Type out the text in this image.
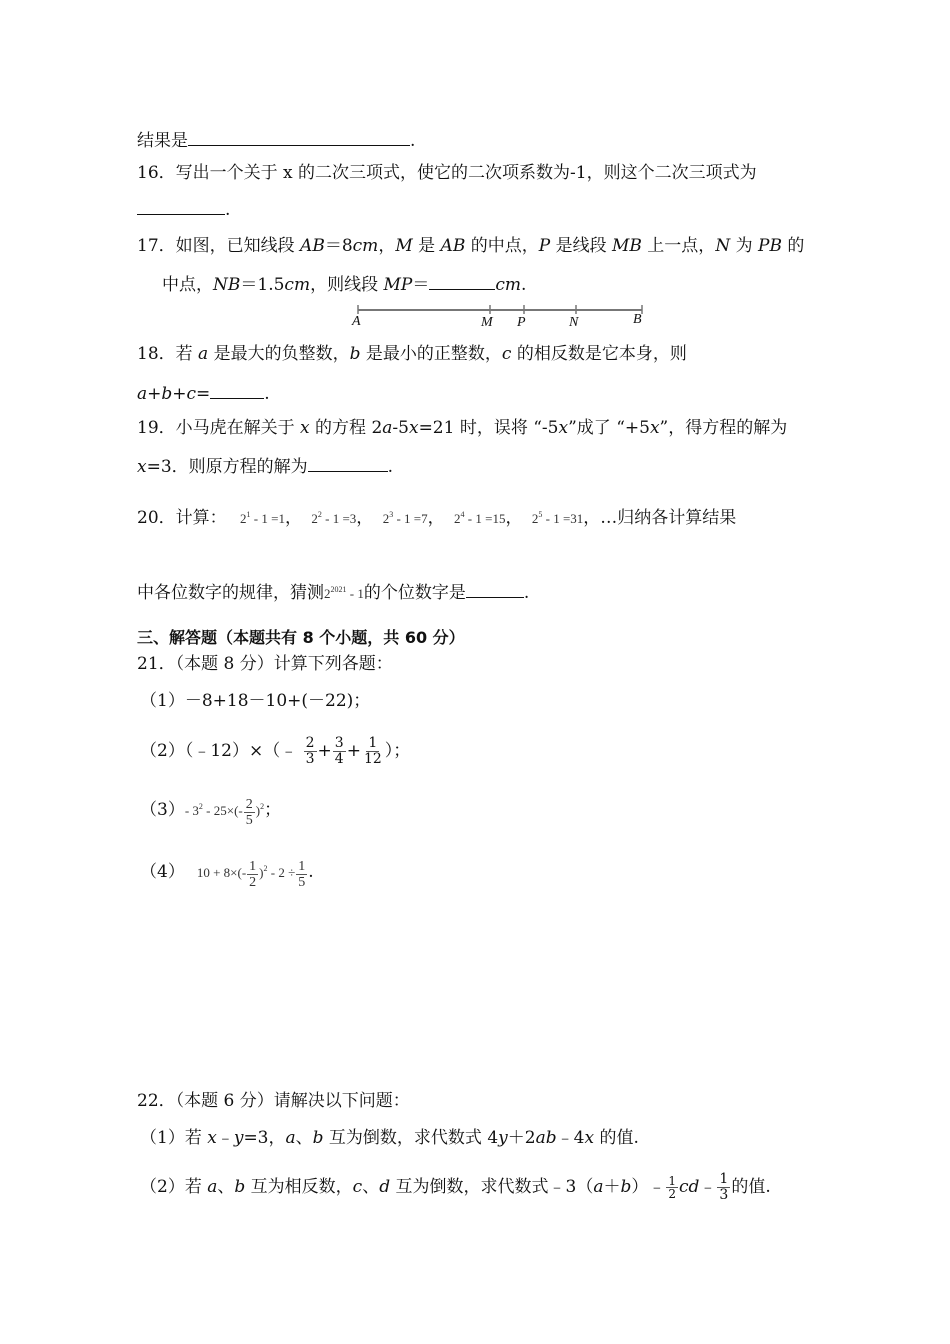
结果是	.
16．写出一个关于 x 的二次三项式，使它的二次项系数为-1，则这个二次三项式为
.
17．如图，已知线段 AB＝8cm，M 是 AB 的中点，P 是线段 MB 上一点，N 为 PB 的
中点，NB＝1.5cm，则线段 MP＝	cm.
A	M P	N	B
18．若 a 是最大的负整数，b 是最小的正整数，c 的相反数是它本身，则
a+b+c=	.
19．小马虎在解关于 x 的方程 2a-5x=21 时，误将 “-5x”成了 “+5x”，得方程的解为
x=3．则原方程的解为	.
20．计算： $2^1 - 1 =1$， $2^2 - 1 =3$， $2^3 - 1 =7$， $2^4 - 1 =15$， $2^5 - 1 =31$，…归纳各计算结果
中各位数字的规律，猜测$2^{2021} - 1$的个位数字是	.
三、解答题（本题共有 8 个小题，共 60 分）
21．（本题 8 分）计算下列各题：
（1）－8+18－10+(－22)；
（2）（﹣12）×（﹣ $\frac{2}{3} + \frac{3}{4} + \frac{1}{12}$ ）；
（3）- $3^2 - 25\times(- \frac{2}{5} )^2$；
（4） $10 + 8\times(- \frac{1}{2} )^2 - 2 \div \frac{1}{5}$ .
22．（本题 6 分）请解决以下问题：
（1）若 x﹣y=3，a、b 互为倒数，求代数式 4y＋2ab﹣4x 的值.
（2）若 a、b 互为相反数，c、d 互为倒数，求代数式﹣3（a＋b）﹣ $\frac{1}{2}$ cd﹣ $\frac{1}{3}$ 的值.
